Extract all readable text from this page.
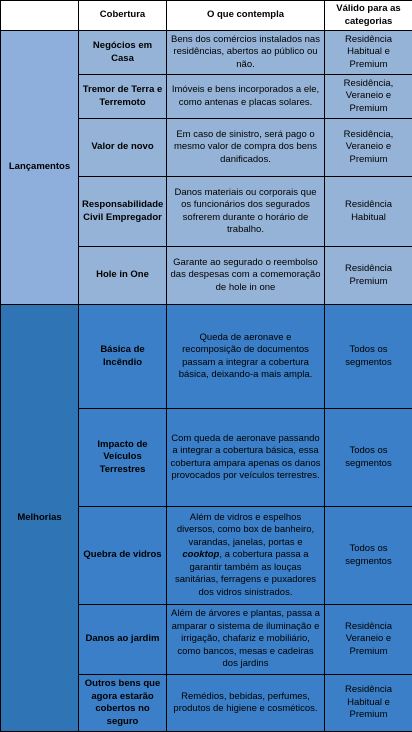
	Cobertura	O que contempla	Válido para as categorias
Lançamentos	Negócios em Casa	Bens dos comércios instalados nas residências, abertos ao público ou não.	Residência Habitual e Premium
	Tremor de Terra e Terremoto	Imóveis e bens incorporados a ele, como antenas e placas solares.	Residência, Veraneio e Premium
	Valor de novo	Em caso de sinistro, será pago o mesmo valor de compra dos bens danificados.	Residência, Veraneio e Premium
	Responsabilidade Civil Empregador	Danos materiais ou corporais que os funcionários dos segurados sofrerem durante o horário de trabalho.	Residência Habitual
	Hole in One	Garante ao segurado o reembolso das despesas com a comemoração de hole in one	Residência Premium
Melhorias	Básica de Incêndio	Queda de aeronave e recomposição de documentos passam a integrar a cobertura básica, deixando-a mais ampla.	Todos os segmentos
	Impacto de Veículos Terrestres	Com queda de aeronave passando a integrar a cobertura básica, essa cobertura ampara apenas os danos provocados por veículos terrestres.	Todos os segmentos
	Quebra de vidros	Além de vidros e espelhos diversos, como box de banheiro, varandas, janelas, portas e cooktop, a cobertura passa a garantir também as louças sanitárias, ferragens e puxadores dos vidros sinistrados.	Todos os segmentos
	Danos ao jardim	Além de árvores e plantas, passa a amparar o sistema de iluminação e irrigação, chafariz e mobiliário, como bancos, mesas e cadeiras dos jardins	Residência Veraneio e Premium
	Outros bens que agora estarão cobertos no seguro	Remédios, bebidas, perfumes, produtos de higiene e cosméticos.	Residência Habitual e Premium
